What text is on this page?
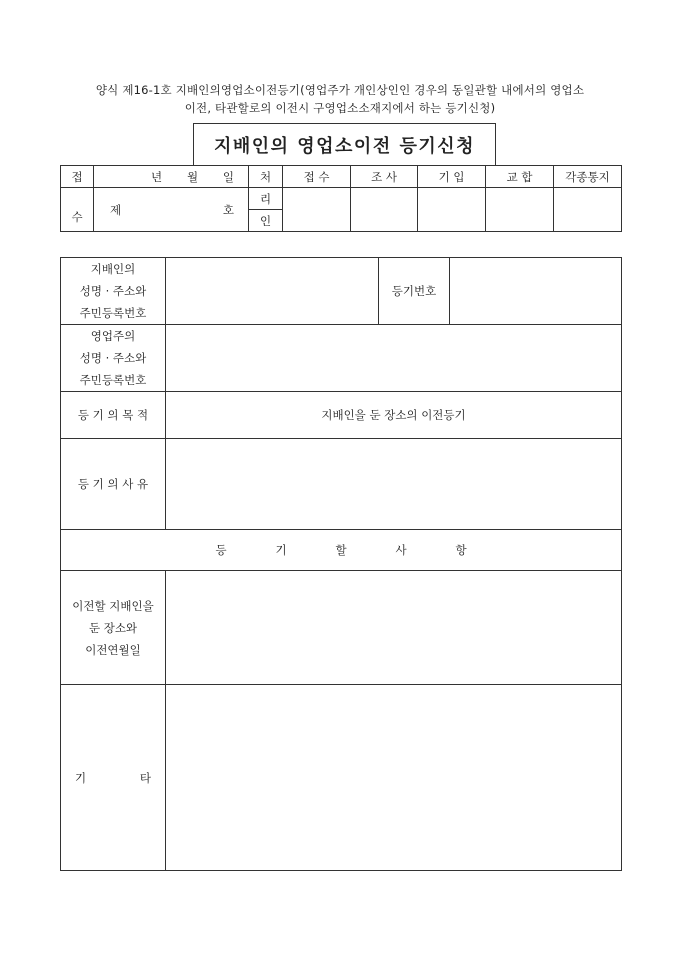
양식 제16-1호 지배인의영업소이전등기(영업주가 개인상인인 경우의 동일관할 내에서의 영업소
이전, 타관할로의 이전시 구영업소소재지에서 하는 등기신청)
지배인의 영업소이전 등기신청
접	년 월 일	처	접 수	조 사	기 입	교 합	각종통지
수	제 호	리					
		인					
지배인의
성명 · 주소와
주민등록번호		등기번호	

영업주의
성명 · 주소와
주민등록번호			

등 기 의 목 적	지배인을 둔 장소의 이전등기		
등 기 의 사 유			

등 기 할 사 항			

이전할 지배인을
둔 장소와
이전연월일			

기 타			
